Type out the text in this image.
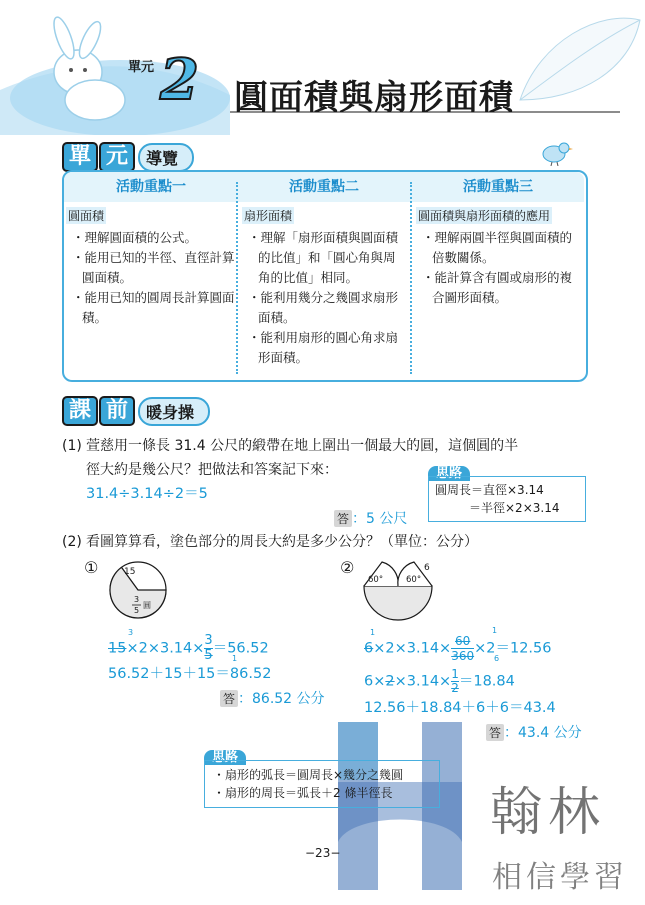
單元 2 圓面積與扇形面積
單 元	導覽
活動重點一
圓面積
・ 理解圓面積的公式。
・ 能用已知的半徑、直徑計算圓面積。
・ 能用已知的圓周長計算圓面積。
活動重點二
扇形面積
・ 理解「扇形面積與圓面積的比值」和「圓心角與周角的比值」相同。
・ 能利用幾分之幾圓求扇形面積。
・ 能利用扇形的圓心角求扇形面積。
活動重點三
圓面積與扇形面積的應用
・ 理解兩圓半徑與圓面積的倍數關係。
・ 能計算含有圓或扇形的複合圖形面積。
課 前	暖身操
(1) 萱慈用一條長 31.4 公尺的緞帶在地上圍出一個最大的圓，這個圓的半
徑大約是幾公尺？把做法和答案記下來：
31.4÷3.14÷2＝5
答 ：5 公尺
思路
圓周長＝直徑×3.14
＝半徑×2×3.14
(2) 看圖算算看，塗色部分的周長大約是多少公分？（單位：公分）
①	15
3
5
圓
②
60°	60°
6
$15\times 2\times 3.14\times \frac{3}{5} =56.52$
3
1
56.52＋15＋15＝86.52
答 ：86.52 公分
$6\times 2\times 3.14\times \frac{60}{360} \times 2=12.56$
1	1
6
$6\times 2\times 3.14\times \frac{1}{2} =18.84$
12.56＋18.84＋6＋6＝43.4
答 ：43.4 公分
思路
・扇形的弧長＝圓周長×幾分之幾圓
・扇形的周長＝弧長＋2 條半徑長
−23−
翰林
相信學習
